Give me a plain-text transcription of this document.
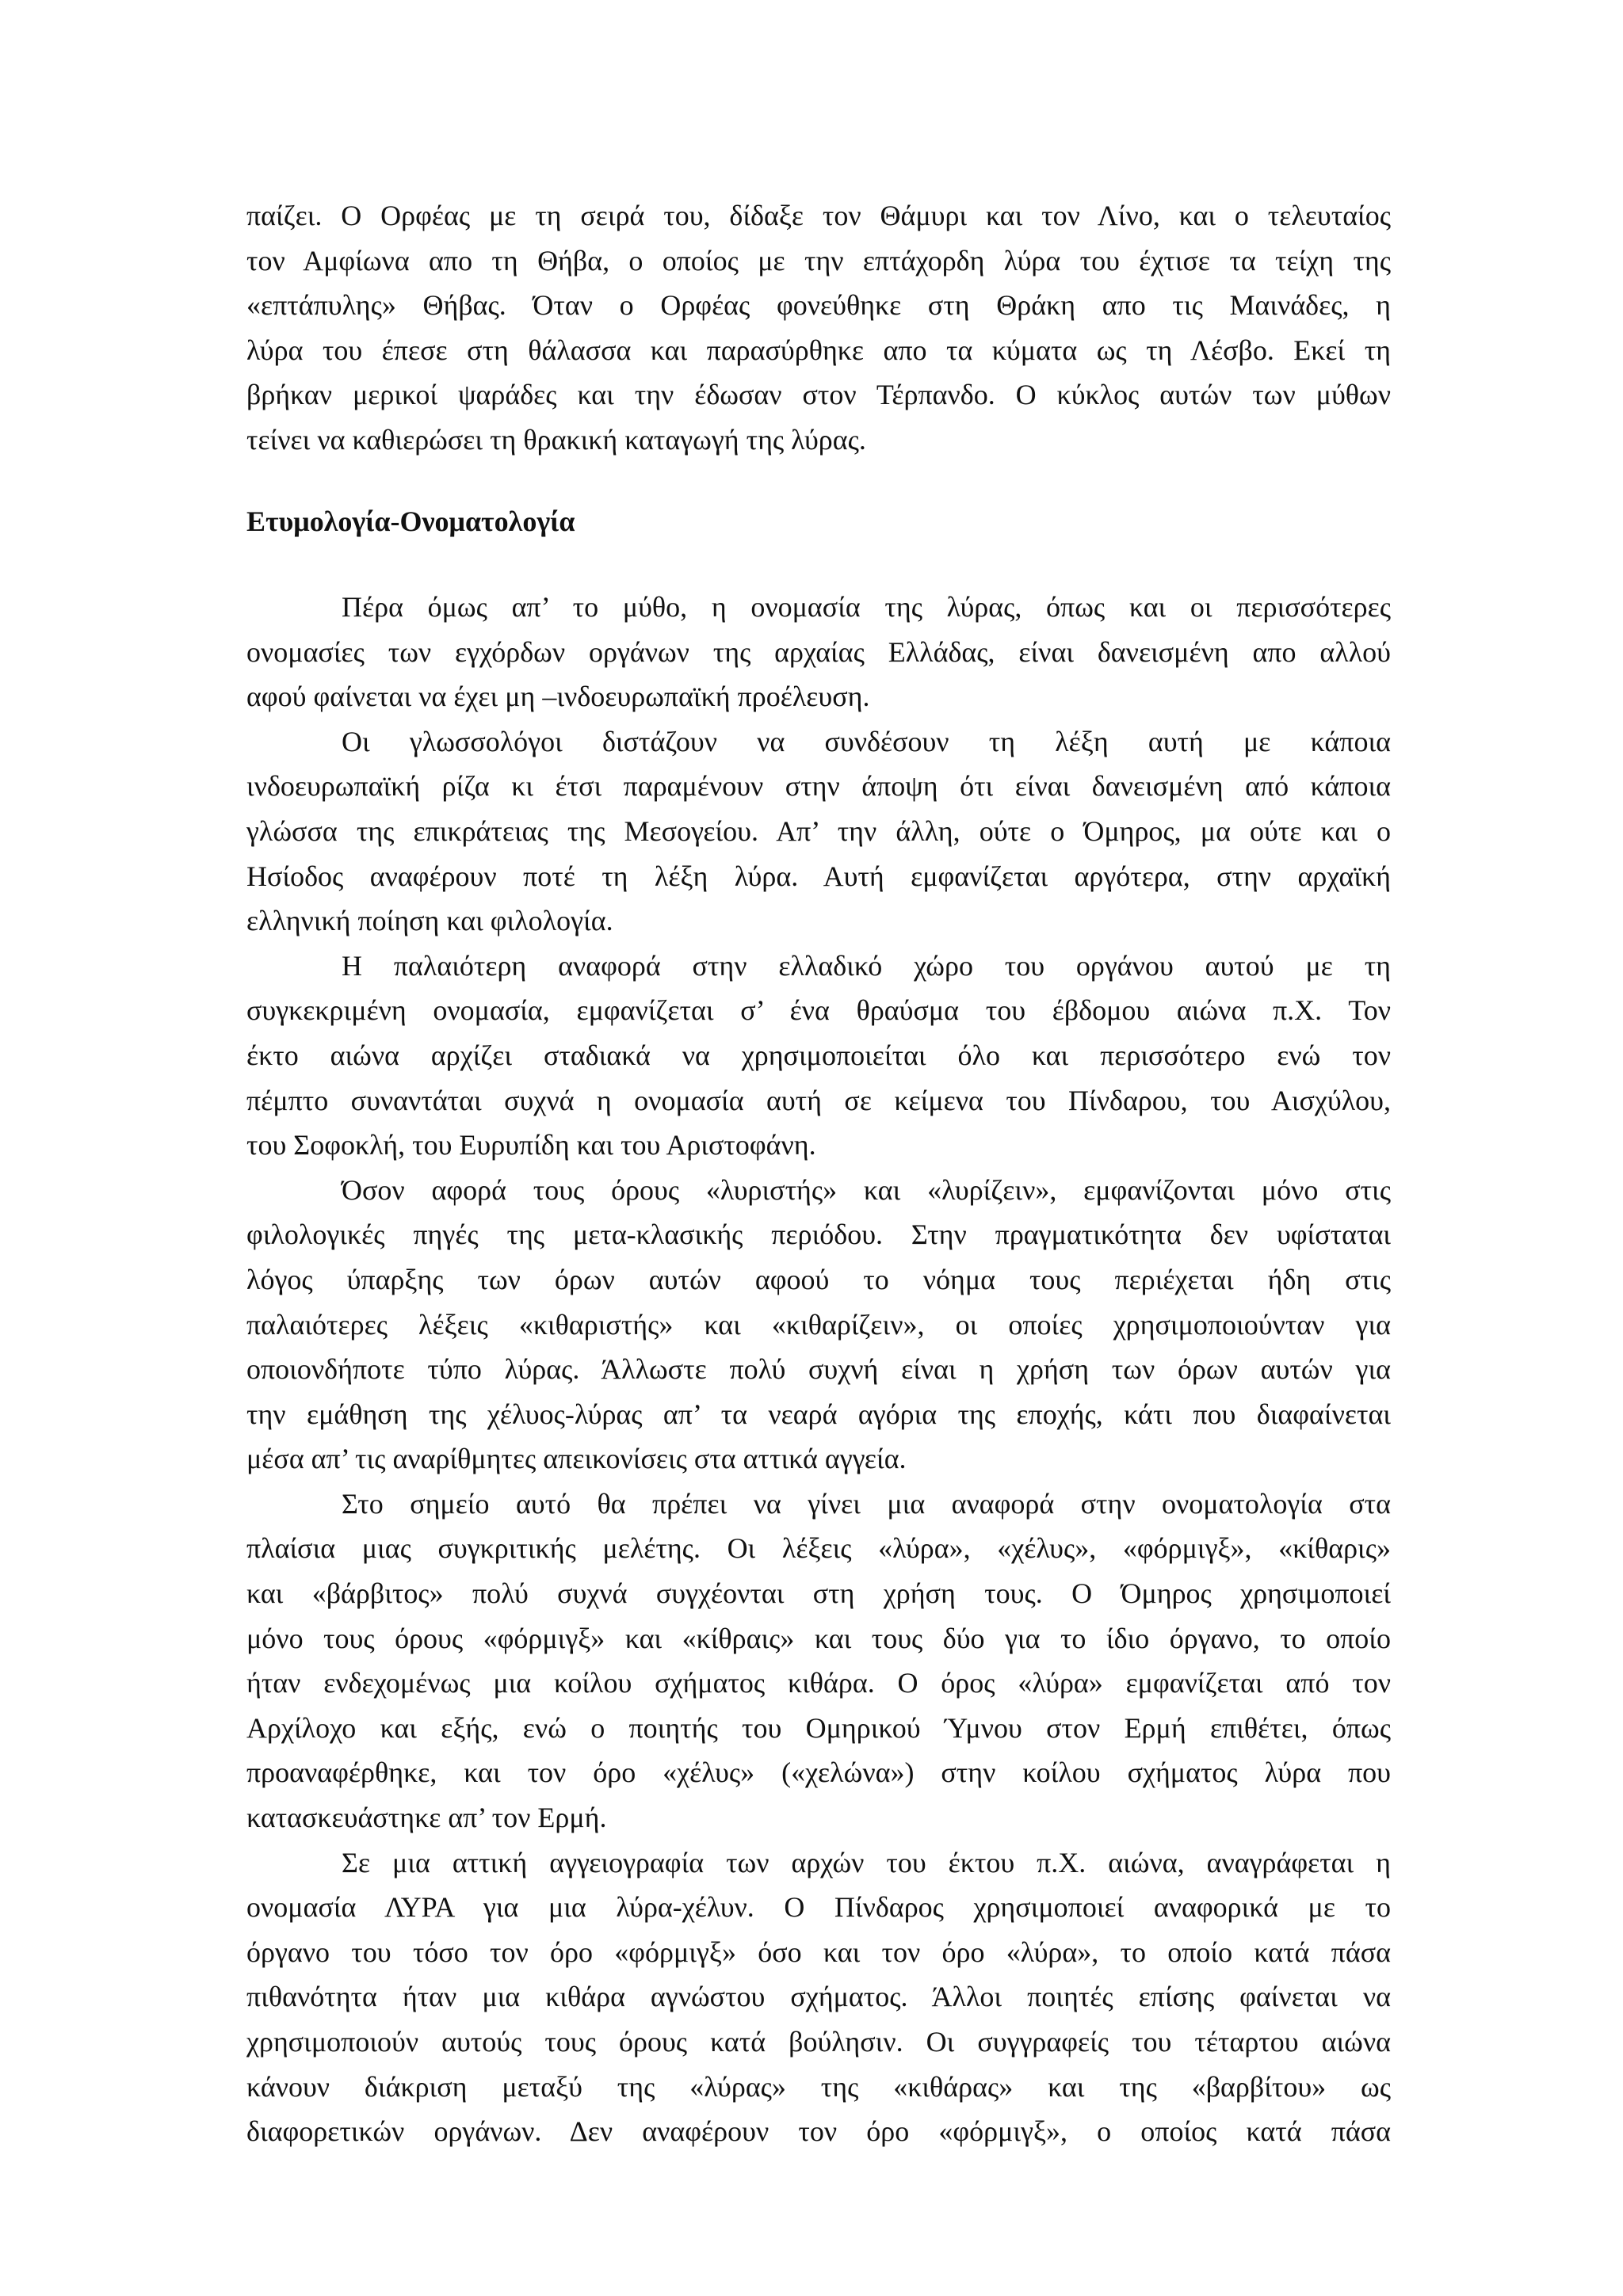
παίζει. Ο Ορφέας με τη σειρά του, δίδαξε τον Θάμυρι και τον Λίνο, και ο τελευταίος
τον Αμφίωνα απο τη Θήβα, ο οποίος με την επτάχορδη λύρα του έχτισε τα τείχη της
«επτάπυλης» Θήβας. Όταν ο Ορφέας φονεύθηκε στη Θράκη απο τις Μαινάδες, η
λύρα του έπεσε στη θάλασσα και παρασύρθηκε απο τα κύματα ως τη Λέσβο. Εκεί τη
βρήκαν μερικοί ψαράδες και την έδωσαν στον Τέρπανδο. Ο κύκλος αυτών των μύθων
τείνει να καθιερώσει τη θρακική καταγωγή της λύρας.
Ετυμολογία-Ονοματολογία
Πέρα όμως απ’ το μύθο, η ονομασία της λύρας, όπως και οι περισσότερες
ονομασίες των εγχόρδων οργάνων της αρχαίας Ελλάδας, είναι δανεισμένη απο αλλού
αφού φαίνεται να έχει μη –ινδοευρωπαϊκή προέλευση.
Οι γλωσσολόγοι διστάζουν να συνδέσουν τη λέξη αυτή με κάποια
ινδοευρωπαϊκή ρίζα κι έτσι παραμένουν στην άποψη ότι είναι δανεισμένη από κάποια
γλώσσα της επικράτειας της Μεσογείου. Απ’ την άλλη, ούτε ο Όμηρος, μα ούτε και ο
Ησίοδος αναφέρουν ποτέ τη λέξη λύρα. Αυτή εμφανίζεται αργότερα, στην αρχαϊκή
ελληνική ποίηση και φιλολογία.
Η παλαιότερη αναφορά στην ελλαδικό χώρο του οργάνου αυτού με τη
συγκεκριμένη ονομασία, εμφανίζεται σ’ ένα θραύσμα του έβδομου αιώνα π.Χ. Τον
έκτο αιώνα αρχίζει σταδιακά να χρησιμοποιείται όλο και περισσότερο ενώ τον
πέμπτο συναντάται συχνά η ονομασία αυτή σε κείμενα του Πίνδαρου, του Αισχύλου,
του Σοφοκλή, του Ευρυπίδη και του Αριστοφάνη.
Όσον αφορά τους όρους «λυριστής» και «λυρίζειν», εμφανίζονται μόνο στις
φιλολογικές πηγές της μετα-κλασικής περιόδου. Στην πραγματικότητα δεν υφίσταται
λόγος ύπαρξης των όρων αυτών αφοού το νόημα τους περιέχεται ήδη στις
παλαιότερες λέξεις «κιθαριστής» και «κιθαρίζειν», οι οποίες χρησιμοποιούνταν για
οποιονδήποτε τύπο λύρας. Άλλωστε πολύ συχνή είναι η χρήση των όρων αυτών για
την εμάθηση της χέλυος-λύρας απ’ τα νεαρά αγόρια της εποχής, κάτι που διαφαίνεται
μέσα απ’ τις αναρίθμητες απεικονίσεις στα αττικά αγγεία.
Στο σημείο αυτό θα πρέπει να γίνει μια αναφορά στην ονοματολογία στα
πλαίσια μιας συγκριτικής μελέτης. Οι λέξεις «λύρα», «χέλυς», «φόρμιγξ», «κίθαρις»
και «βάρβιτος» πολύ συχνά συγχέονται στη χρήση τους. Ο Όμηρος χρησιμοποιεί
μόνο τους όρους «φόρμιγξ» και «κίθραις» και τους δύο για το ίδιο όργανο, το οποίο
ήταν ενδεχομένως μια κοίλου σχήματος κιθάρα. Ο όρος «λύρα» εμφανίζεται από τον
Αρχίλοχο και εξής, ενώ ο ποιητής του Ομηρικού Ύμνου στον Ερμή επιθέτει, όπως
προαναφέρθηκε, και τον όρο «χέλυς» («χελώνα») στην κοίλου σχήματος λύρα που
κατασκευάστηκε απ’ τον Ερμή.
Σε μια αττική αγγειογραφία των αρχών του έκτου π.Χ. αιώνα, αναγράφεται η
ονομασία ΛΥΡΑ για μια λύρα-χέλυν. Ο Πίνδαρος χρησιμοποιεί αναφορικά με το
όργανο του τόσο τον όρο «φόρμιγξ» όσο και τον όρο «λύρα», το οποίο κατά πάσα
πιθανότητα ήταν μια κιθάρα αγνώστου σχήματος. Άλλοι ποιητές επίσης φαίνεται να
χρησιμοποιούν αυτούς τους όρους κατά βούλησιν. Οι συγγραφείς του τέταρτου αιώνα
κάνουν διάκριση μεταξύ της «λύρας» της «κιθάρας» και της «βαρβίτου» ως
διαφορετικών οργάνων. Δεν αναφέρουν τον όρο «φόρμιγξ», ο οποίος κατά πάσα
